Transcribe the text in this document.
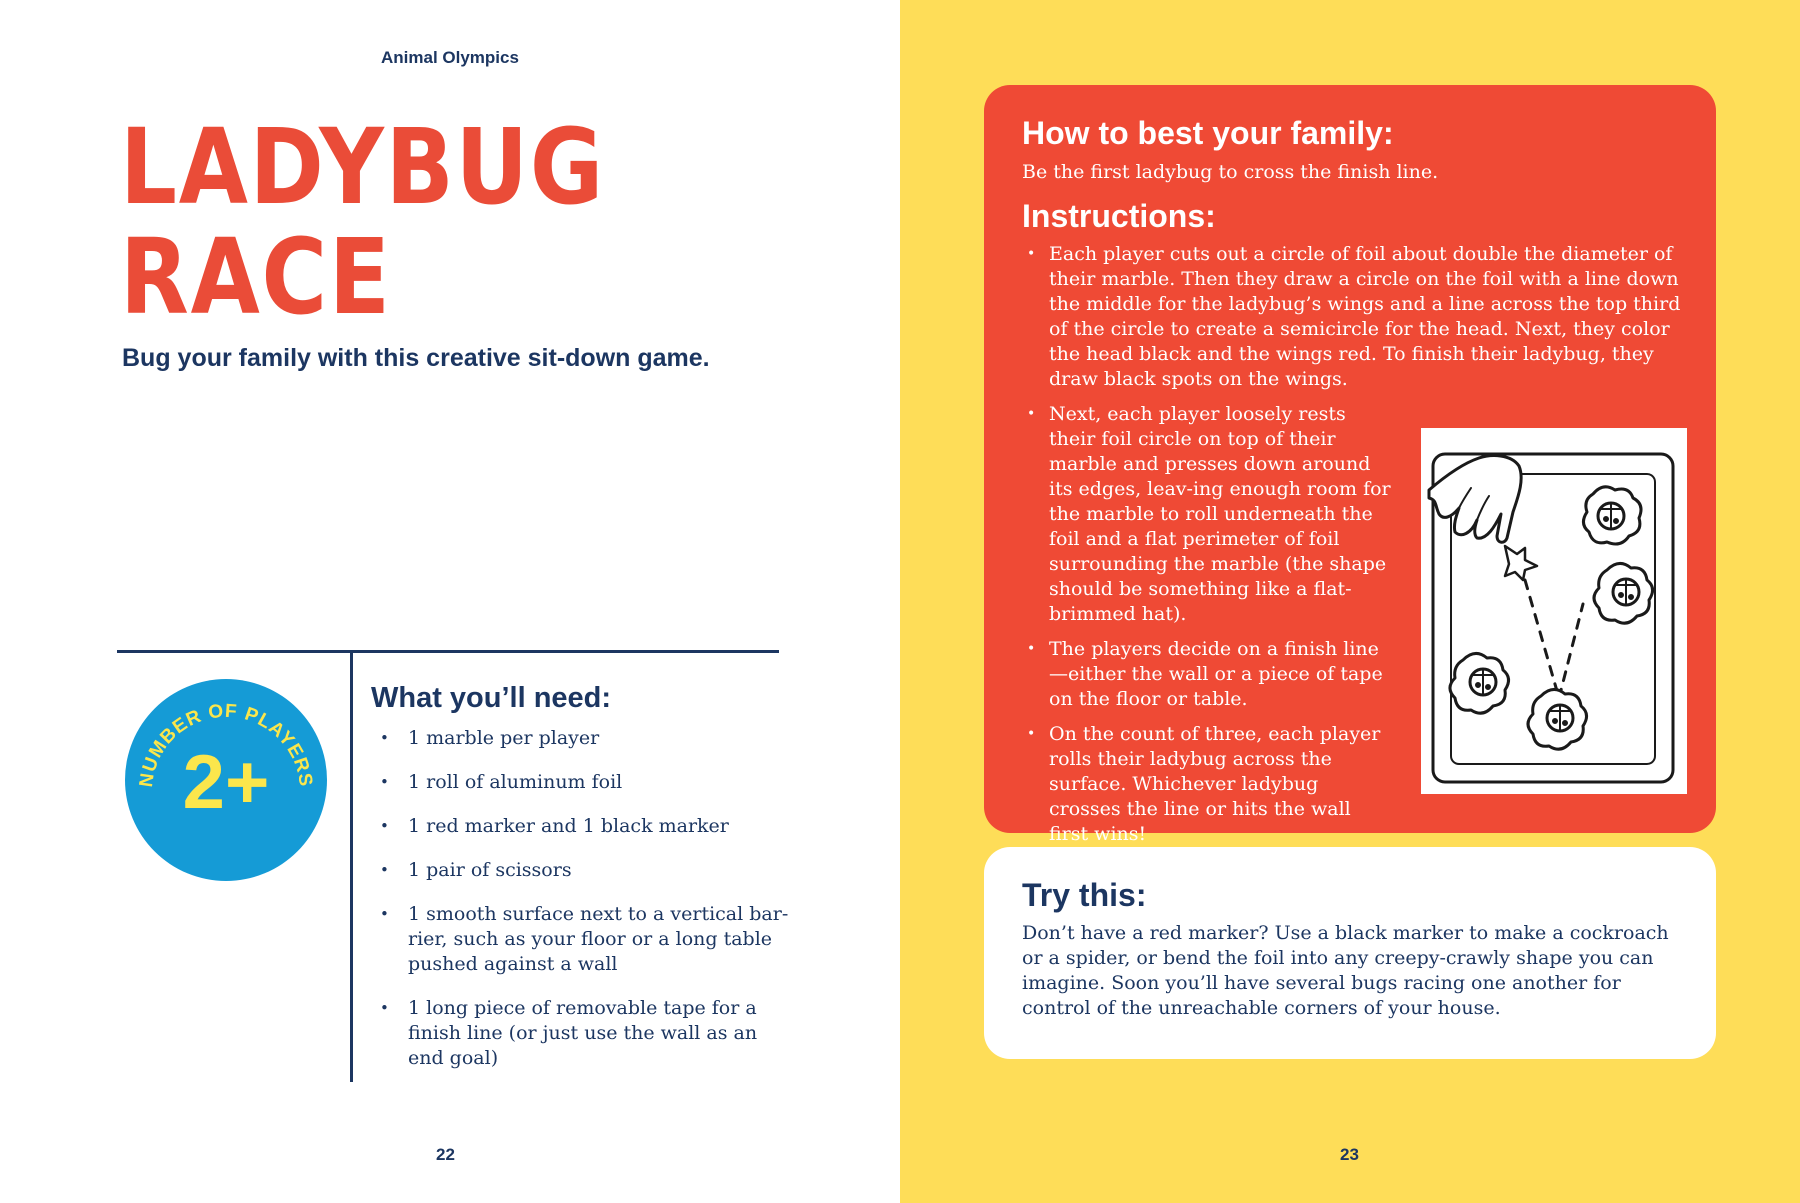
Animal Olympics
LADYBUG
RACE
Bug your family with this creative sit-down game.
NUMBER OF PLAYERS
2+
What you’ll need:
• 1 marble per player
• 1 roll of aluminum foil
• 1 red marker and 1 black marker
• 1 pair of scissors
• 1 smooth surface next to a vertical bar-rier, such as your floor or a long table pushed against a wall
• 1 long piece of removable tape for a finish line (or just use the wall as an end goal)
22	23
How to best your family:
Be the first ladybug to cross the finish line.
Instructions:
• Each player cuts out a circle of foil about double the diameter of their marble. Then they draw a circle on the foil with a line down the middle for the ladybug’s wings and a line across the top third of the circle to create a semicircle for the head. Next, they color the head black and the wings red. To finish their ladybug, they draw black spots on the wings.
• Next, each player loosely rests their foil circle on top of their marble and presses down around its edges, leav-ing enough room for the marble to roll underneath the foil and a flat perimeter of foil surrounding the marble (the shape should be something like a flat-brimmed hat).
• The players decide on a finish line—either the wall or a piece of tape on the floor or table.
• On the count of three, each player rolls their ladybug across the surface. Whichever ladybug crosses the line or hits the wall first wins!
Try this:

Don’t have a red marker? Use a black marker to make a cockroach or a spider, or bend the foil into any creepy-crawly shape you can imagine. Soon you’ll have several bugs racing one another for control of the unreachable corners of your house.
